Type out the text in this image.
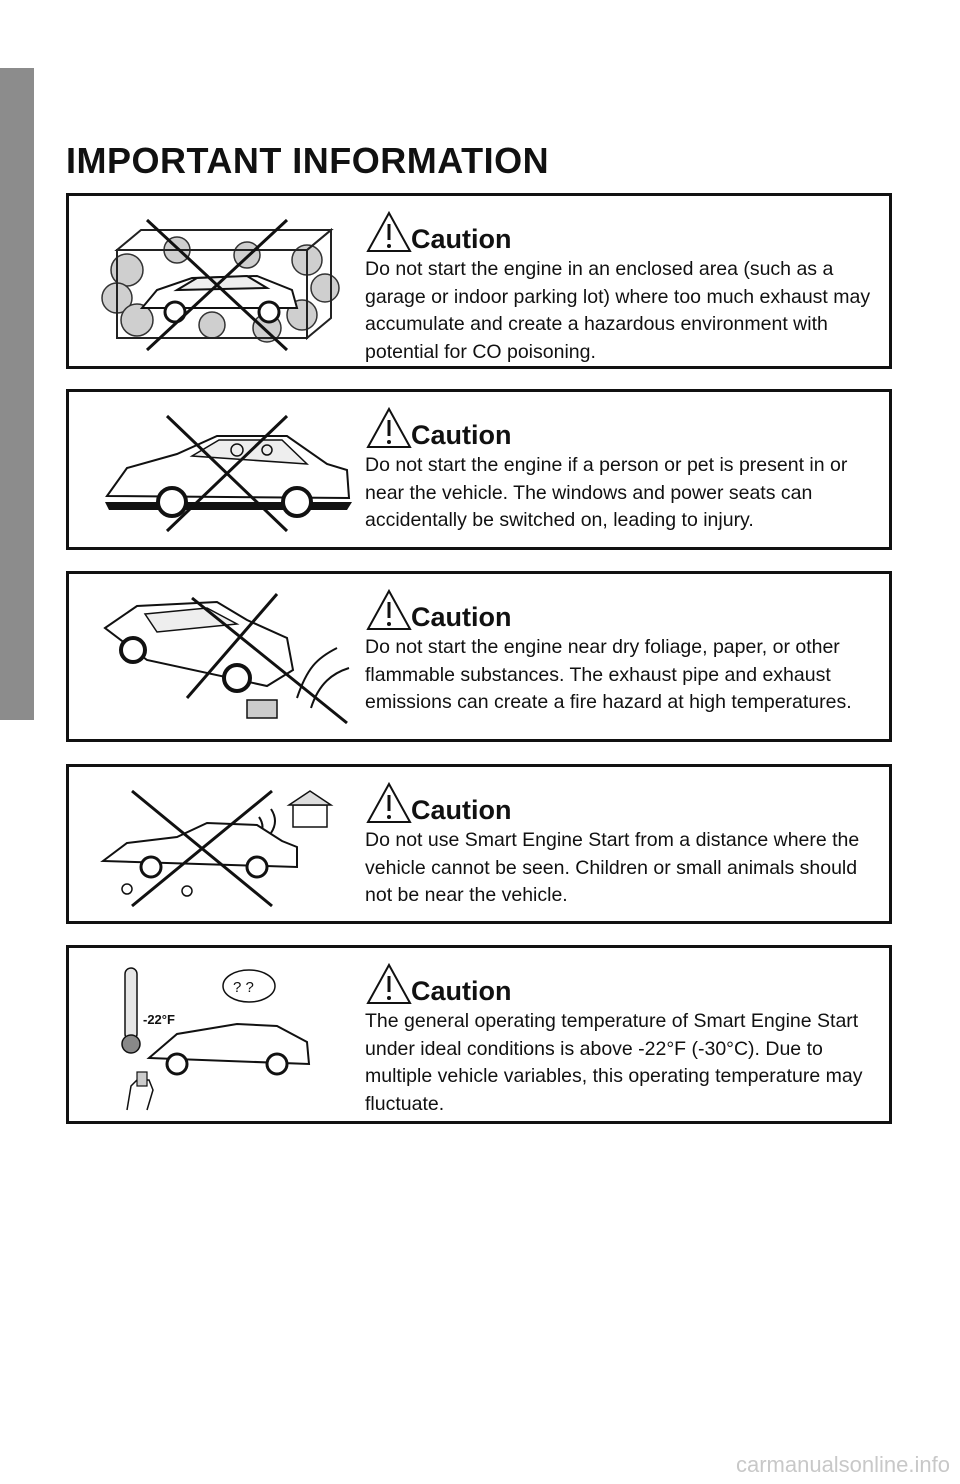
IMPORTANT INFORMATION
Caution

Do not start the engine in an enclosed area (such as a garage or indoor parking lot) where too much exhaust may accumulate and create a hazardous environment with potential for CO poisoning.

Caution

Do not start the engine if a person or pet is present in or near the vehicle. The windows and power seats can accidentally be switched on, leading to injury.

Caution

Do not start the engine near dry foliage, paper, or other flammable substances. The exhaust pipe and exhaust emissions can create a fire hazard at high temperatures.

Caution

Do not use Smart Engine Start from a distance where the vehicle cannot be seen. Children or small animals should not be near the vehicle.

-22°F
? ?	Caution

The general operating temperature of Smart Engine Start under ideal conditions is above -22°F (-30°C). Due to multiple vehicle variables, this operating temperature may fluctuate.

carmanualsonline.info
